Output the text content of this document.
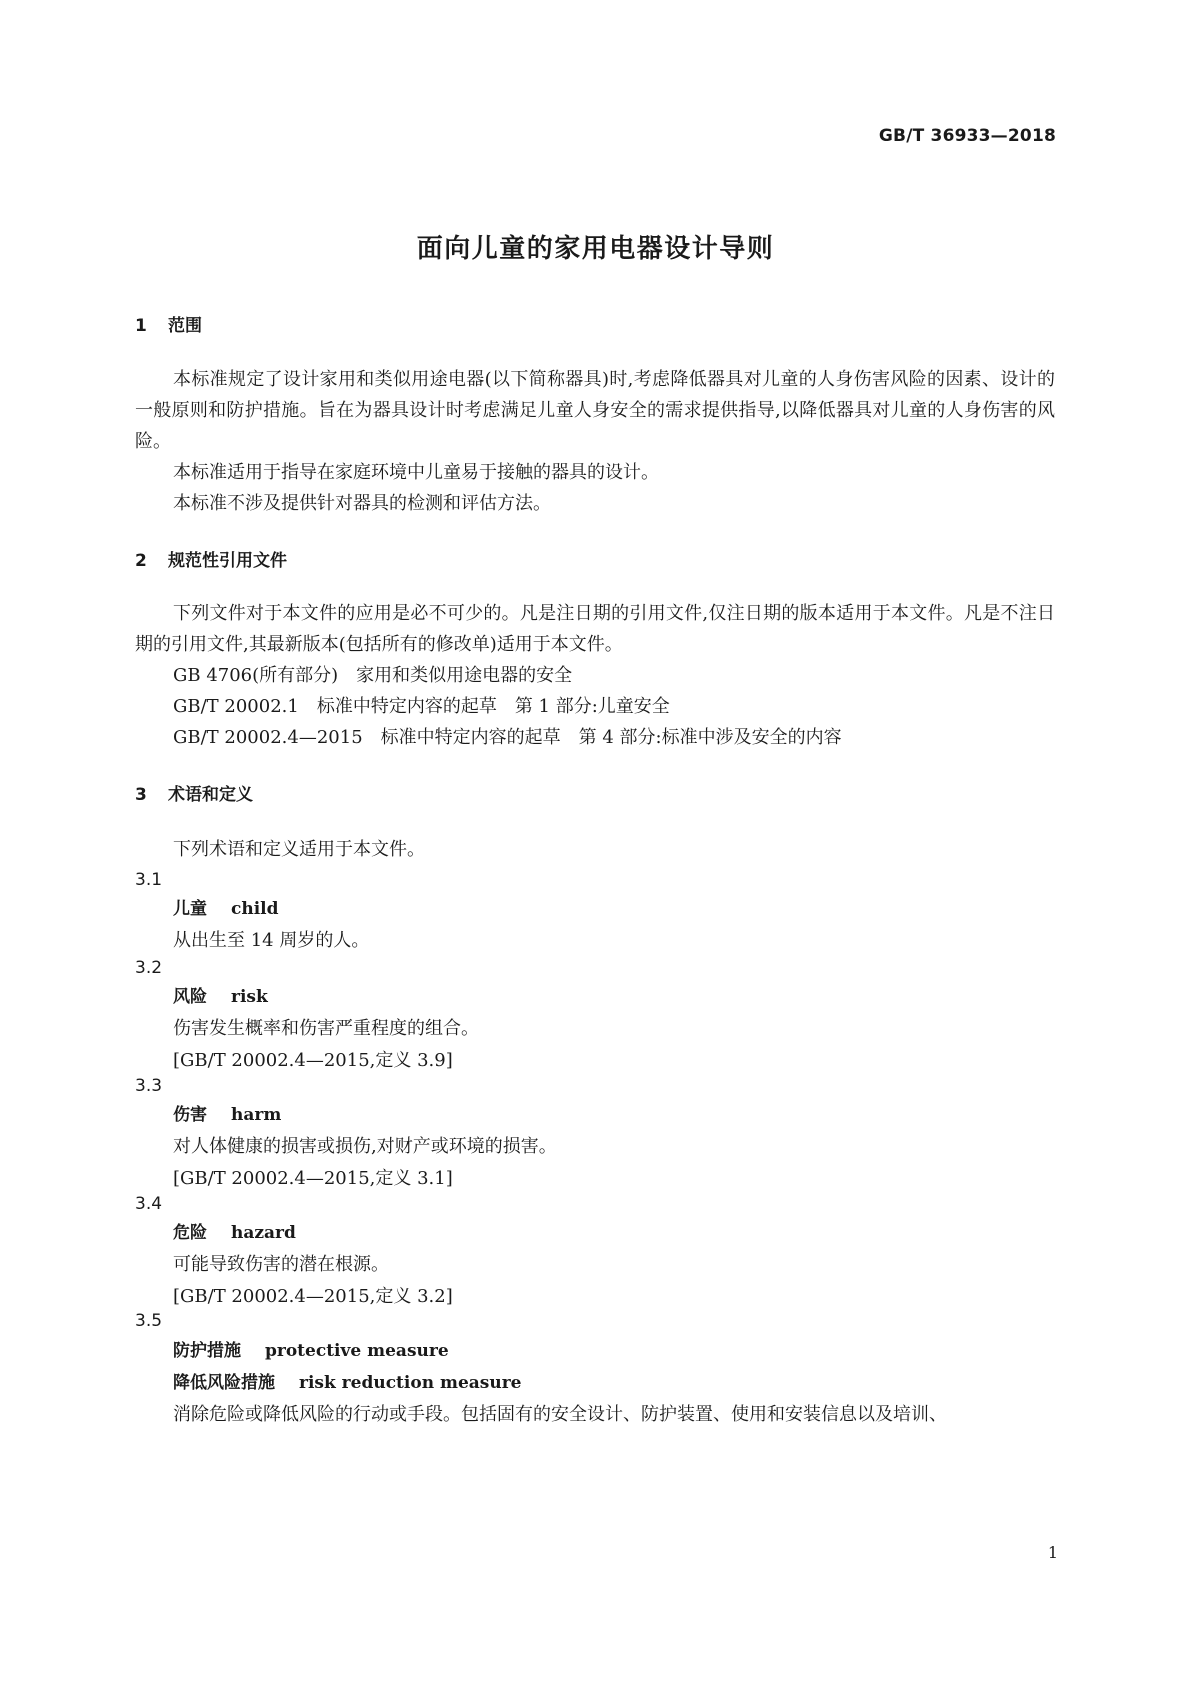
GB/T 36933—2018
面向儿童的家用电器设计导则
1 范围

本标准规定了设计家用和类似用途电器(以下简称器具)时,考虑降低器具对儿童的人身伤害风险的因素、设计的一般原则和防护措施。旨在为器具设计时考虑满足儿童人身安全的需求提供指导,以降低器具对儿童的人身伤害的风险。

本标准适用于指导在家庭环境中儿童易于接触的器具的设计。
本标准不涉及提供针对器具的检测和评估方法。
2 规范性引用文件

下列文件对于本文件的应用是必不可少的。凡是注日期的引用文件,仅注日期的版本适用于本文件。凡是不注日期的引用文件,其最新版本(包括所有的修改单)适用于本文件。

GB 4706(所有部分)　家用和类似用途电器的安全
GB/T 20002.1　标准中特定内容的起草　第 1 部分:儿童安全
GB/T 20002.4—2015　标准中特定内容的起草　第 4 部分:标准中涉及安全的内容
3 术语和定义
下列术语和定义适用于本文件。
3.1
儿童 child
从出生至 14 周岁的人。
3.2
风险 risk
伤害发生概率和伤害严重程度的组合。
[GB/T 20002.4—2015,定义 3.9]
3.3
伤害 harm
对人体健康的损害或损伤,对财产或环境的损害。
[GB/T 20002.4—2015,定义 3.1]
3.4
危险 hazard
可能导致伤害的潜在根源。
[GB/T 20002.4—2015,定义 3.2]
3.5
防护措施 protective measure
降低风险措施 risk reduction measure
消除危险或降低风险的行动或手段。包括固有的安全设计、防护装置、使用和安装信息以及培训、
1
